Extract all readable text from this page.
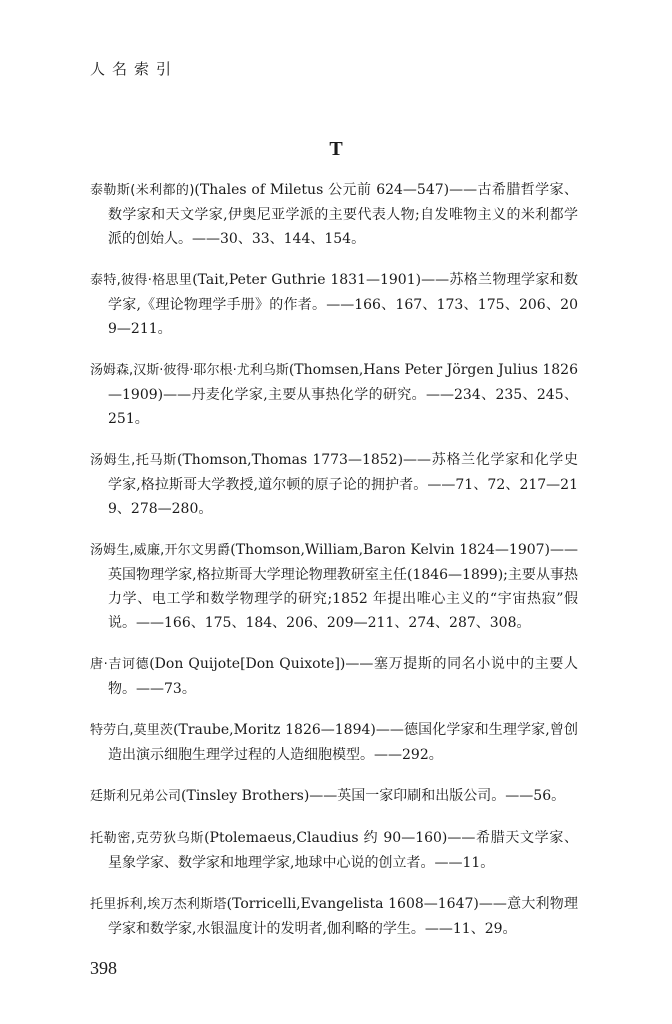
人名索引
T

泰勒斯(米利都的)(Thales of Miletus 公元前 624—547)——古希腊哲学家、数学家和天文学家,伊奥尼亚学派的主要代表人物;自发唯物主义的米利都学派的创始人。——30、33、144、154。

泰特,彼得·格思里(Tait,Peter Guthrie 1831—1901)——苏格兰物理学家和数学家,《理论物理学手册》的作者。——166、167、173、175、206、209—211。

汤姆森,汉斯·彼得·耶尔根·尤利乌斯(Thomsen,Hans Peter Jörgen Julius 1826—1909)——丹麦化学家,主要从事热化学的研究。——234、235、245、251。

汤姆生,托马斯(Thomson,Thomas 1773—1852)——苏格兰化学家和化学史学家,格拉斯哥大学教授,道尔顿的原子论的拥护者。——71、72、217—219、278—280。

汤姆生,威廉,开尔文男爵(Thomson,William,Baron Kelvin 1824—1907)——英国物理学家,格拉斯哥大学理论物理教研室主任(1846—1899);主要从事热力学、电工学和数学物理学的研究;1852 年提出唯心主义的“宇宙热寂”假说。——166、175、184、206、209—211、274、287、308。

唐·吉诃德(Don Quijote[Don Quixote])——塞万提斯的同名小说中的主要人物。——73。

特劳白,莫里茨(Traube,Moritz 1826—1894)——德国化学家和生理学家,曾创造出演示细胞生理学过程的人造细胞模型。——292。

廷斯利兄弟公司(Tinsley Brothers)——英国一家印刷和出版公司。——56。

托勒密,克劳狄乌斯(Ptolemaeus,Claudius 约 90—160)——希腊天文学家、星象学家、数学家和地理学家,地球中心说的创立者。——11。

托里拆利,埃万杰利斯塔(Torricelli,Evangelista 1608—1647)——意大利物理学家和数学家,水银温度计的发明者,伽利略的学生。——11、29。

398
